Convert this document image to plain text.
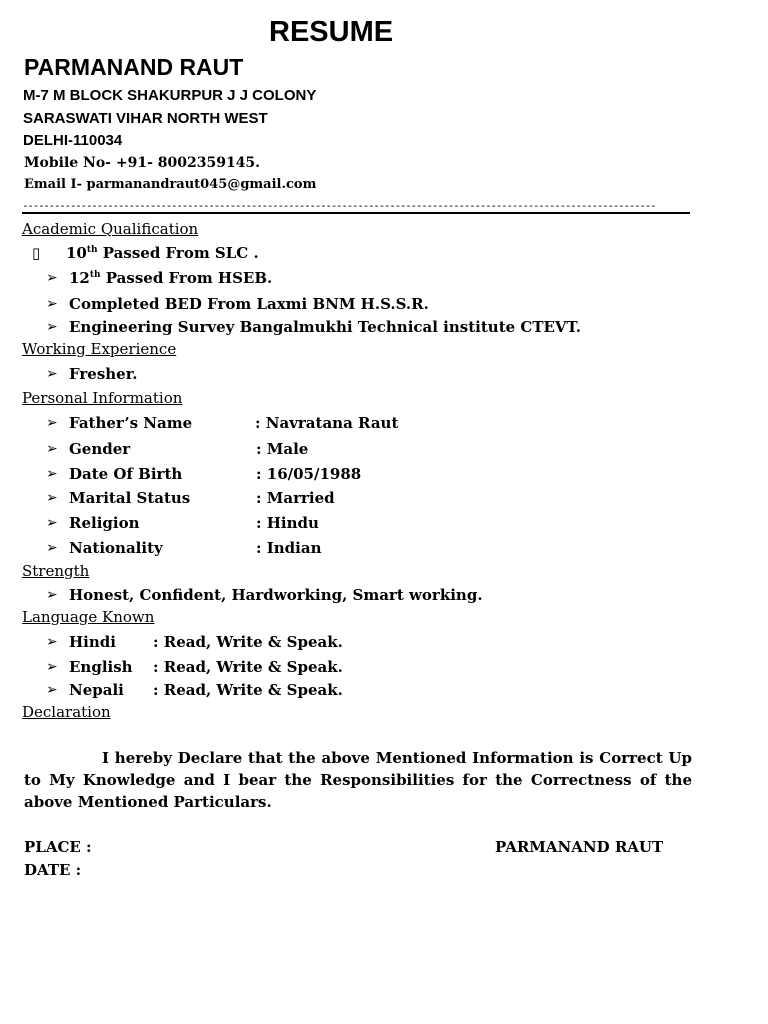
RESUME
PARMANAND RAUT
M-7 M BLOCK SHAKURPUR J J COLONY
SARASWATI VIHAR NORTH WEST
DELHI-110034
Mobile No- +91- 8002359145.
Email I- parmanandraut045@gmail.com
-----------------------------------------------------------------------------------------------------------------------
Academic Qualification
▯ 10th Passed From SLC .
➢ 12th Passed From HSEB.
➢ Completed BED From Laxmi BNM H.S.S.R.
➢ Engineering Survey Bangalmukhi Technical institute CTEVT.
Working Experience
➢ Fresher.
Personal Information
➢ Father’s Name	: Navratana Raut
➢ Gender	: Male
➢ Date Of Birth	: 16/05/1988
➢ Marital Status	: Married
➢ Religion	: Hindu
➢ Nationality	: Indian
Strength
➢ Honest, Confident, Hardworking, Smart working.
Language Known
➢ Hindi : Read, Write & Speak.
➢ English : Read, Write & Speak.
➢ Nepali : Read, Write & Speak.
Declaration
I hereby Declare that the above Mentioned Information is Correct Up to My Knowledge and I bear the Responsibilities for the Correctness of the above Mentioned Particulars.
PLACE :
DATE :
PARMANAND RAUT
